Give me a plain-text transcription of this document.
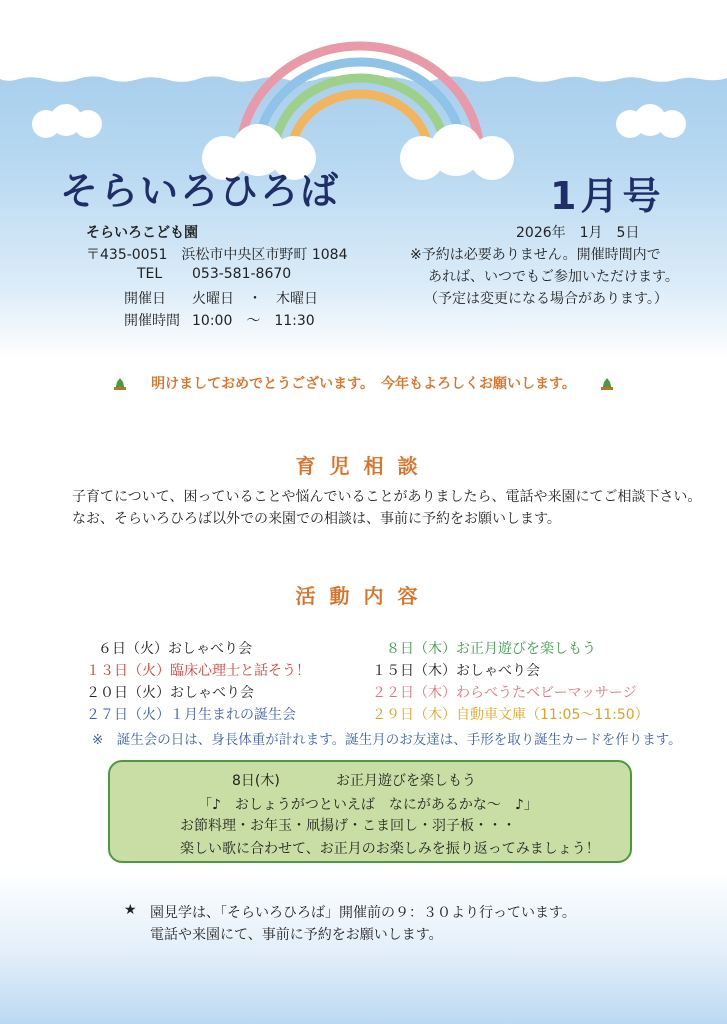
そらいろひろば	1月号
そらいろこども園
〒435-0051　浜松市中央区市野町 1084
TEL 053-581-8670
開催日 火曜日　・　木曜日
開催時間 10:00　～　11:30
2026年　1月　5日
※予約は必要ありません。開催時間内で
あれば、いつでもご参加いただけます。
（予定は変更になる場合があります。）
明けましておめでとうございます。　今年もよろしくお願いします。
育児相談
子育てについて、困っていることや悩んでいることがありましたら、電話や来園にてご相談下さい。
なお、そらいろひろば以外での来園での相談は、事前に予約をお願いします。
活動内容
６日（火）おしゃべり会
１３日（火）臨床心理士と話そう！
２０日（火）おしゃべり会
２７日（火）１月生まれの誕生会
８日（木）お正月遊びを楽しもう
１５日（木）おしゃべり会
２２日（木）わらべうたベビーマッサージ
２９日（木）自動車文庫（11:05～11:50）
※　誕生会の日は、身長体重が計れます。誕生月のお友達は、手形を取り誕生カードを作ります。
8日(木)	お正月遊びを楽しもう
「♪　おしょうがつといえば　なにがあるかな～　♪」
お節料理・お年玉・凧揚げ・こま回し・羽子板・・・
楽しい歌に合わせて、お正月のお楽しみを振り返ってみましょう！
★ 園見学は、「そらいろひろば」開催前の９：３０より行っています。
電話や来園にて、事前に予約をお願いします。
